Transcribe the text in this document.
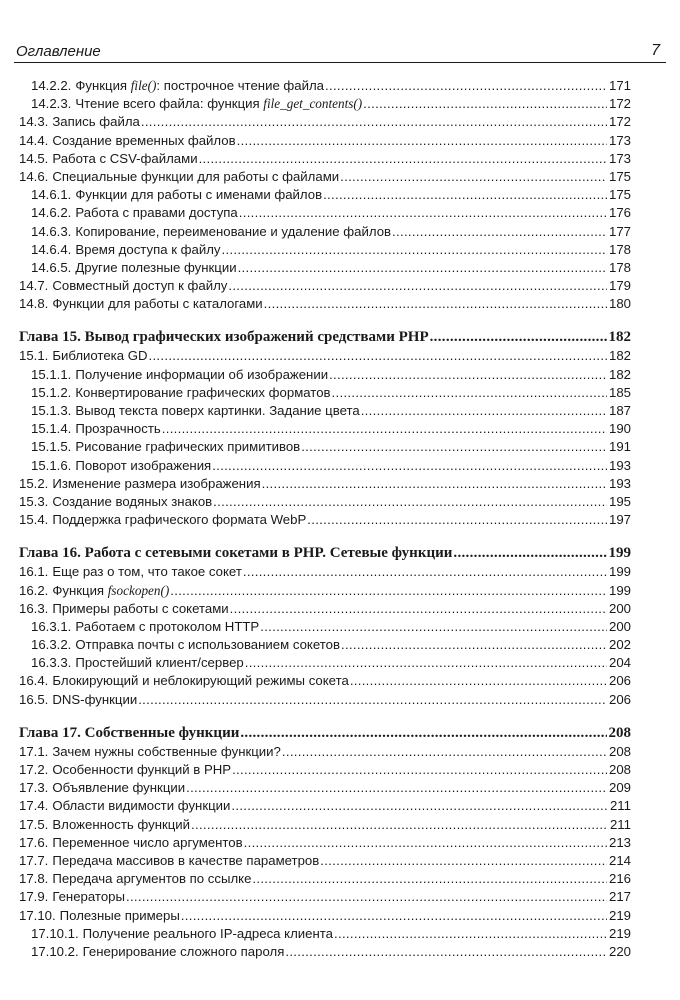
Оглавление	7
14.2.2. Функция file(): построчное чтение файла .....	171
14.2.3. Чтение всего файла: функция file_get_contents() .....	172
14.3. Запись файла .....	172
14.4. Создание временных файлов .....	173
14.5. Работа с CSV-файлами .....	173
14.6. Специальные функции для работы с файлами .....	175
14.6.1. Функции для работы с именами файлов .....	175
14.6.2. Работа с правами доступа .....	176
14.6.3. Копирование, переименование и удаление файлов .....	177
14.6.4. Время доступа к файлу .....	178
14.6.5. Другие полезные функции .....	178
14.7. Совместный доступ к файлу .....	179
14.8. Функции для работы с каталогами .....	180
Глава 15. Вывод графических изображений средствами PHP .....	182
15.1. Библиотека GD .....	182
15.1.1. Получение информации об изображении .....	182
15.1.2. Конвертирование графических форматов .....	185
15.1.3. Вывод текста поверх картинки. Задание цвета .....	187
15.1.4. Прозрачность .....	190
15.1.5. Рисование графических примитивов .....	191
15.1.6. Поворот изображения .....	193
15.2. Изменение размера изображения .....	193
15.3. Создание водяных знаков .....	195
15.4. Поддержка графического формата WebP .....	197
Глава 16. Работа с сетевыми сокетами в PHP. Сетевые функции .....	199
16.1. Еще раз о том, что такое сокет .....	199
16.2. Функция fsockopen() .....	199
16.3. Примеры работы с сокетами .....	200
16.3.1. Работаем с протоколом HTTP .....	200
16.3.2. Отправка почты с использованием сокетов .....	202
16.3.3. Простейший клиент/сервер .....	204
16.4. Блокирующий и неблокирующий режимы сокета .....	206
16.5. DNS-функции .....	206
Глава 17. Собственные функции .....	208
17.1. Зачем нужны собственные функции? .....	208
17.2. Особенности функций в PHP .....	208
17.3. Объявление функции .....	209
17.4. Области видимости функции .....	211
17.5. Вложенность функций .....	211
17.6. Переменное число аргументов .....	213
17.7. Передача массивов в качестве параметров .....	214
17.8. Передача аргументов по ссылке .....	216
17.9. Генераторы .....	217
17.10. Полезные примеры .....	219
17.10.1. Получение реального IP-адреса клиента .....	219
17.10.2. Генерирование сложного пароля .....	220
